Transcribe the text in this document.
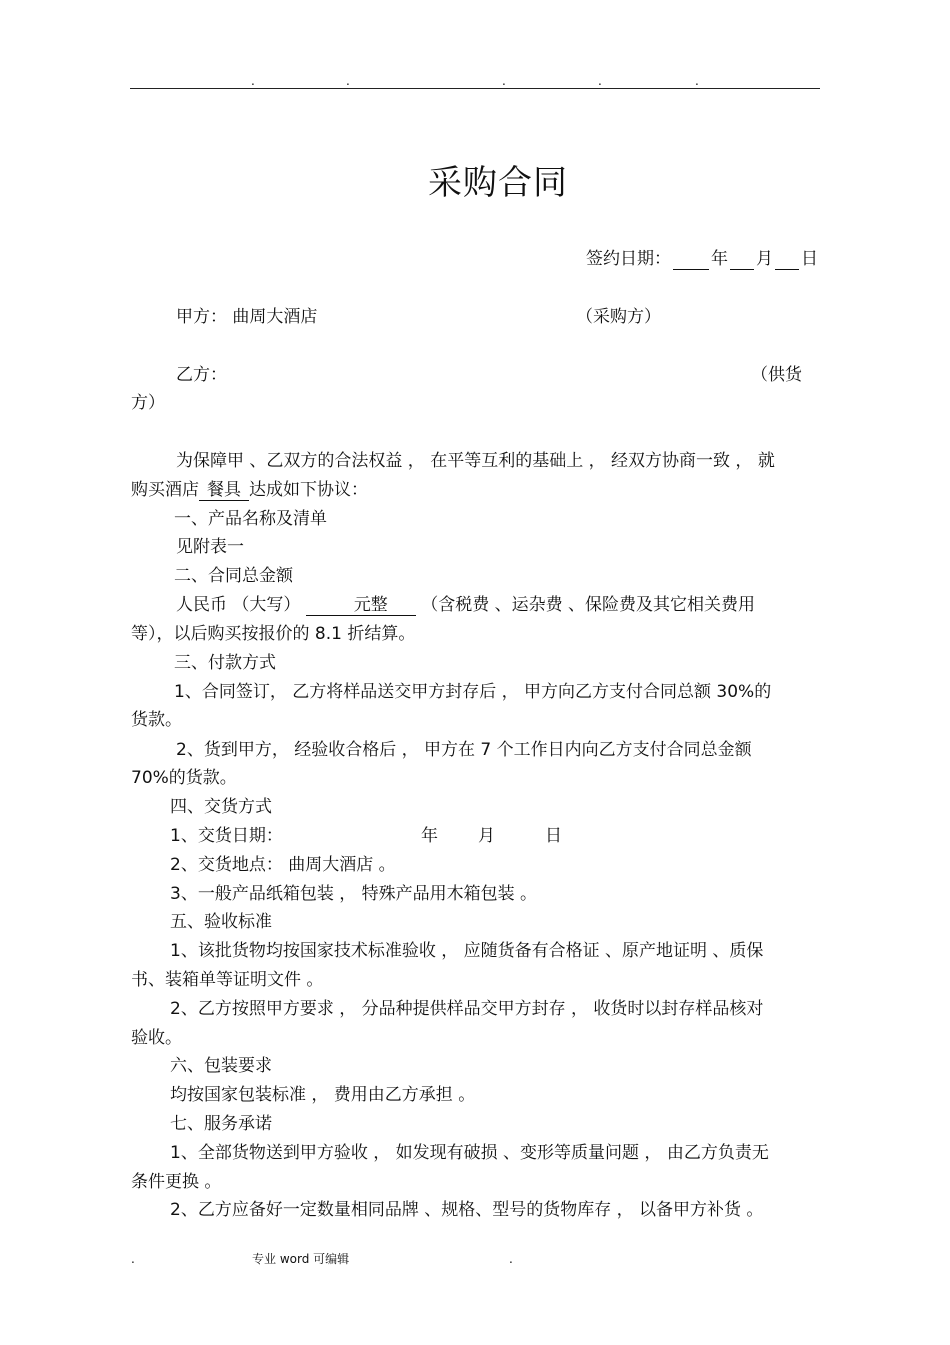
.	.	.	.	.
采购合同
签约日期： 年 月 日
甲方： 曲周大酒店	（采购方）
乙方：	（供货
方）
为保障甲 、乙双方的合法权益 ， 在平等互利的基础上 ， 经双方协商一致 ， 就
购买酒店 餐具 达成如下协议：
一、产品名称及清单
见附表一
二、合同总金额
人民币 （大写）	元整 （含税费 、运杂费 、保险费及其它相关费用
等），以后购买按报价的 8.1 折结算。
三、付款方式
1、合同签订， 乙方将样品送交甲方封存后 ， 甲方向乙方支付合同总额 30%的
货款。
2、货到甲方， 经验收合格后 ， 甲方在 7 个工作日内向乙方支付合同总金额
70%的货款。
四、交货方式
1、交货日期：	年 月	日
2、交货地点： 曲周大酒店 。
3、一般产品纸箱包装 ， 特殊产品用木箱包装 。
五、验收标准
1、该批货物均按国家技术标准验收 ， 应随货备有合格证 、原产地证明 、质保
书、装箱单等证明文件 。
2、乙方按照甲方要求 ， 分品种提供样品交甲方封存 ， 收货时以封存样品核对
验收。
六、包装要求
均按国家包装标准 ， 费用由乙方承担 。
七、服务承诺
1、全部货物送到甲方验收 ， 如发现有破损 、变形等质量问题 ， 由乙方负责无
条件更换 。
2、乙方应备好一定数量相同品牌 、规格、型号的货物库存 ， 以备甲方补货 。
.	专业 word 可编辑	.
